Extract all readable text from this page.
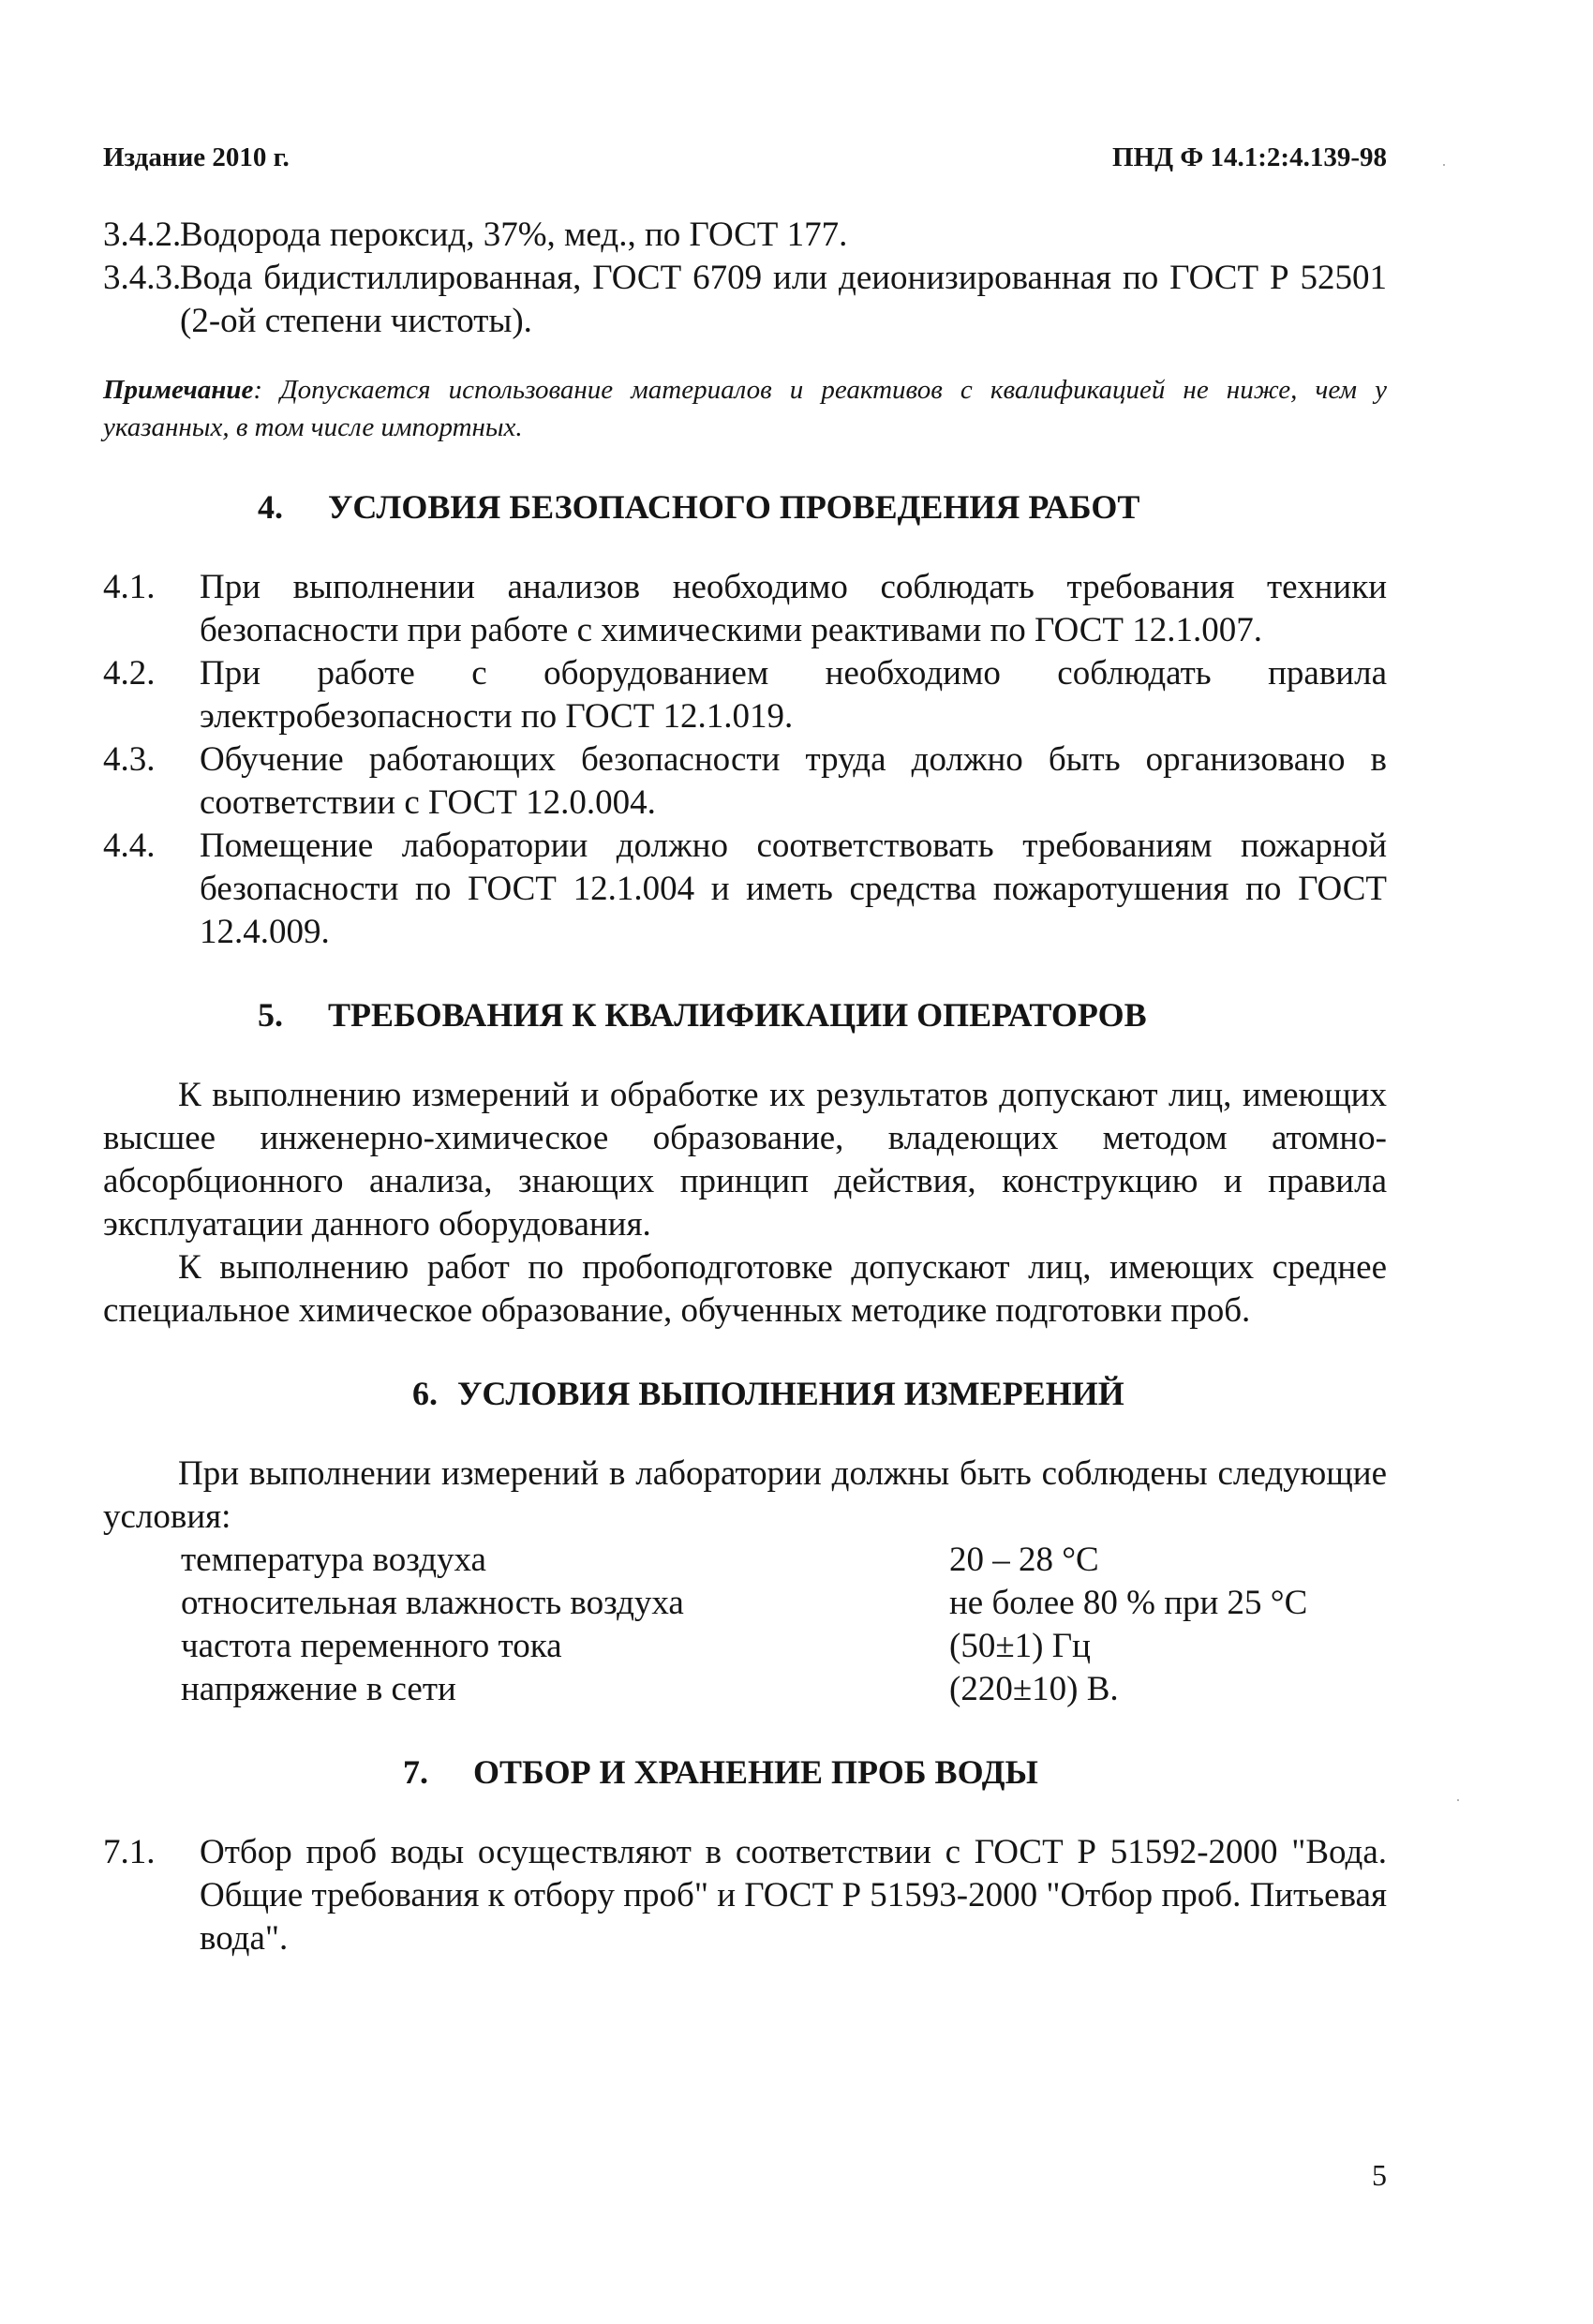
Издание 2010 г.	ПНД Ф 14.1:2:4.139-98
3.4.2.
Водорода пероксид, 37%, мед., по ГОСТ 177.
3.4.3.
Вода бидистиллированная, ГОСТ 6709 или деионизированная по ГОСТ Р 52501 (2-ой степени чистоты).
Примечание: Допускается использование материалов и реактивов с квалификацией не ниже, чем у указанных, в том числе импортных.
4. УСЛОВИЯ БЕЗОПАСНОГО ПРОВЕДЕНИЯ РАБОТ
4.1. При выполнении анализов необходимо соблюдать требования техники безопасности при работе с химическими реактивами по ГОСТ 12.1.007.
4.2. При работе с оборудованием необходимо соблюдать правила электробезопасности по ГОСТ 12.1.019.
4.3. Обучение работающих безопасности труда должно быть организовано в соответствии с ГОСТ 12.0.004.
4.4. Помещение лаборатории должно соответствовать требованиям пожарной безопасности по ГОСТ 12.1.004 и иметь средства пожаротушения по ГОСТ 12.4.009.
5. ТРЕБОВАНИЯ К КВАЛИФИКАЦИИ ОПЕРАТОРОВ
К выполнению измерений и обработке их результатов допускают лиц, имеющих высшее инженерно-химическое образование, владеющих методом атомно-абсорбционного анализа, знающих принцип действия, конструкцию и правила эксплуатации данного оборудования.
К выполнению работ по пробоподготовке допускают лиц, имеющих среднее специальное химическое образование, обученных методике подготовки проб.
6. УСЛОВИЯ ВЫПОЛНЕНИЯ ИЗМЕРЕНИЙ
При выполнении измерений в лаборатории должны быть соблюдены следующие условия:
температура воздуха	20 – 28 °С
относительная влажность воздуха	не более 80 % при 25 °С
частота переменного тока	(50±1) Гц
напряжение в сети	(220±10) В.
7. ОТБОР И ХРАНЕНИЕ ПРОБ ВОДЫ
7.1. Отбор проб воды осуществляют в соответствии с ГОСТ Р 51592-2000 "Вода. Общие требования к отбору проб" и ГОСТ Р 51593-2000 "Отбор проб. Питьевая вода".
5
